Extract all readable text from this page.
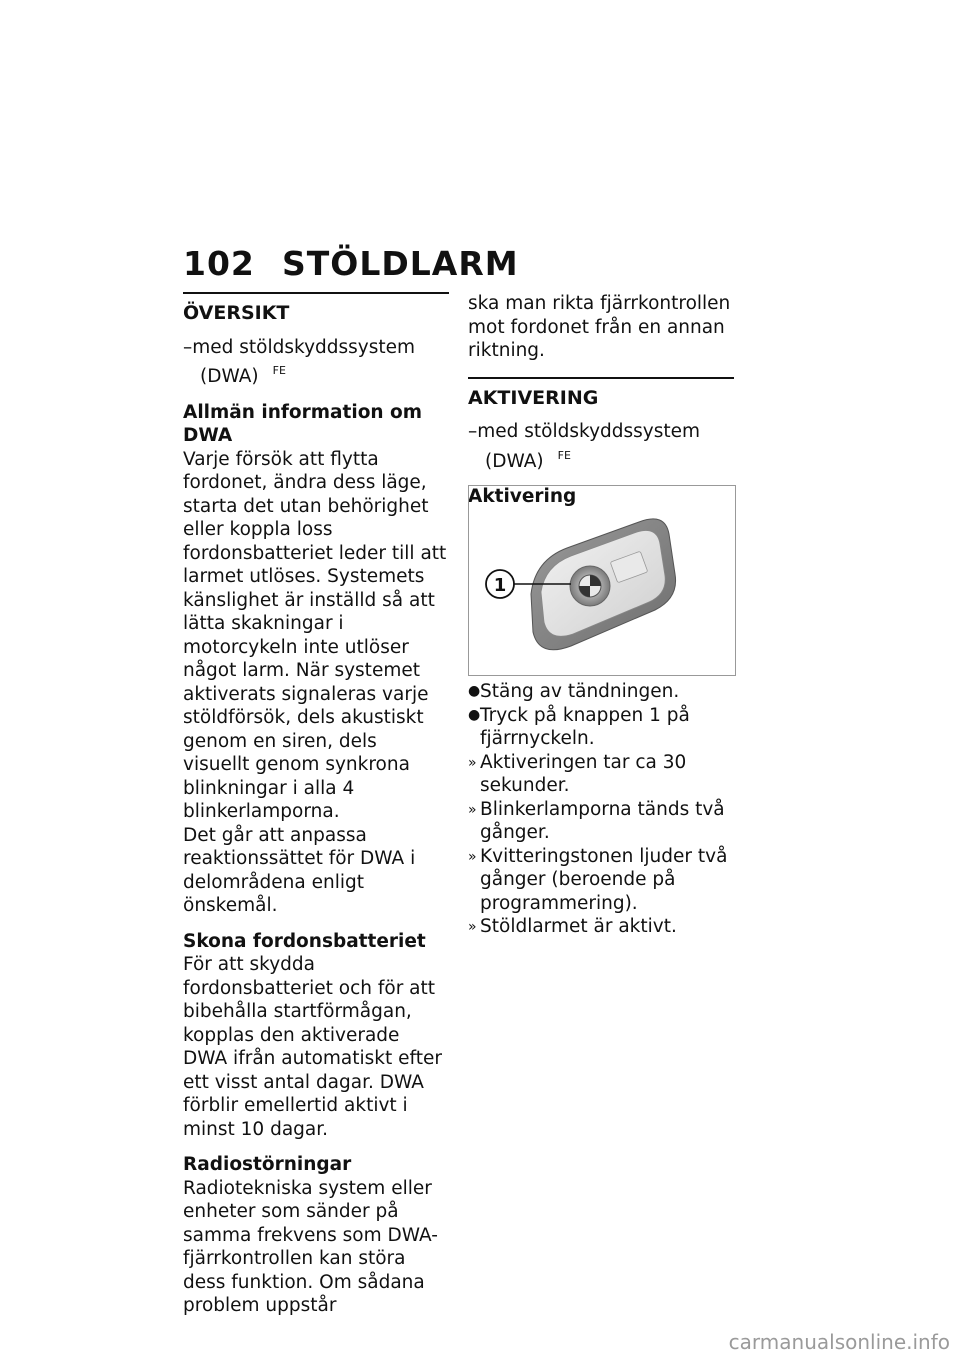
102 STÖLDLARM
ÖVERSIKT

–med stöldskyddssystem

(DWA) $^{FE}$

Allmän information om DWA

Varje försök att flytta fordonet, ändra dess läge, starta det utan behörighet eller koppla loss fordonsbatteriet leder till att larmet utlöses. Systemets känslighet är inställd så att lätta skakningar i motorcykeln inte utlöser något larm. När systemet aktiverats signaleras varje stöldförsök, dels akustiskt genom en siren, dels visuellt genom synkrona blinkningar i alla 4 blinkerlamporna.

Det går att anpassa reaktionssättet för DWA i delområdena enligt önskemål.

Skona fordonsbatteriet

För att skydda fordonsbatteriet och för att bibehålla startförmågan, kopplas den aktiverade DWA ifrån automatiskt efter ett visst antal dagar. DWA förblir emellertid aktivt i minst 10 dagar.

Radiostörningar

Radiotekniska system eller enheter som sänder på samma frekvens som DWA-fjärrkontrollen kan störa dess funktion. Om sådana problem uppstår

ska man rikta fjärrkontrollen mot fordonet från en annan riktning.

AKTIVERING

–med stöldskyddssystem

(DWA) $^{FE}$

Aktivering

1
● Stäng av tändningen.
● Tryck på knappen 1 på fjärrnyckeln.
» Aktiveringen tar ca 30 sekunder.
» Blinkerlamporna tänds två gånger.
» Kvitteringstonen ljuder två gånger (beroende på programmering).
» Stöldlarmet är aktivt.
carmanualsonline.info
